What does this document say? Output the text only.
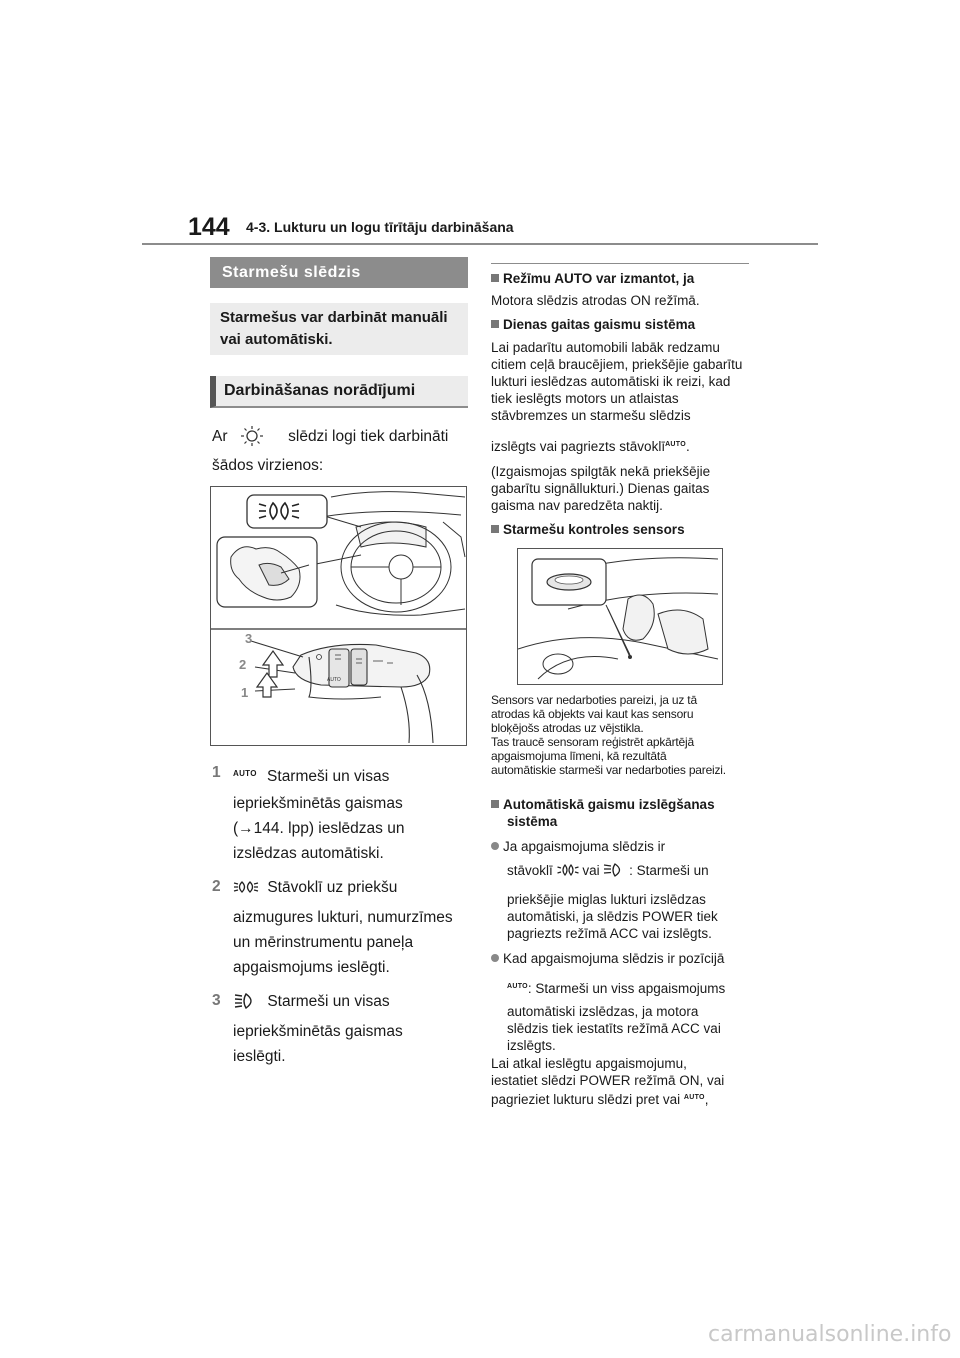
144 4-3. Lukturu un logu tīrītāju darbināšana
Starmešu slēdzis
Starmešus var darbināt manuāli vai automātiski.
Darbināšanas norādījumi
Ar	slēdzi logi tiek darbināti
šādos virzienos:
AUTO
3
2
1
1 $^{AUTO}$ Starmeši un visas
iepriekšminētās gaismas
(→144. lpp) ieslēdzas un
izslēdzas automātiski.
2	Stāvoklī uz priekšu
aizmugures lukturi, numurzīmes
un mērinstrumentu paneļa
apgaismojums ieslēgti.
3	Starmeši un visas
iepriekšminētās gaismas
ieslēgti.
Režīmu AUTO var izmantot, ja
Motora slēdzis atrodas ON režīmā.
Dienas gaitas gaismu sistēma
Lai padarītu automobili labāk redzamu
citiem ceļā braucējiem, priekšējie gabarītu
lukturi ieslēdzas automātiski ik reizi, kad
tiek ieslēgts motors un atlaistas
stāvbremzes un starmešu slēdzis
izslēgts vai pagriezts stāvoklī$^{AUTO}$.
(Izgaismojas spilgtāk nekā priekšējie
gabarītu signāllukturi.) Dienas gaitas
gaisma nav paredzēta naktij.
Starmešu kontroles sensors
Sensors var nedarboties pareizi, ja uz tā
atrodas kā objekts vai kaut kas sensoru
bloķējošs atrodas uz vējstikla.
Tas traucē sensoram reģistrēt apkārtējā
apgaismojuma līmeni, kā rezultātā
automātiskie starmeši var nedarboties pareizi.
Automātiskā gaismu izslēgšanas
sistēma
Ja apgaismojuma slēdzis ir
stāvoklī vai : Starmeši un
priekšējie miglas lukturi izslēdzas
automātiski, ja slēdzis POWER tiek
pagriezts režīmā ACC vai izslēgts.
Kad apgaismojuma slēdzis ir pozīcijā
$^{AUTO}$: Starmeši un viss apgaismojums
automātiski izslēdzas, ja motora
slēdzis tiek iestatīts režīmā ACC vai
izslēgts.
Lai atkal ieslēgtu apgaismojumu,
iestatiet slēdzi POWER režīmā ON, vai
pagrieziet lukturu slēdzi pret vai $^{AUTO}$,
carmanualsonline.info
